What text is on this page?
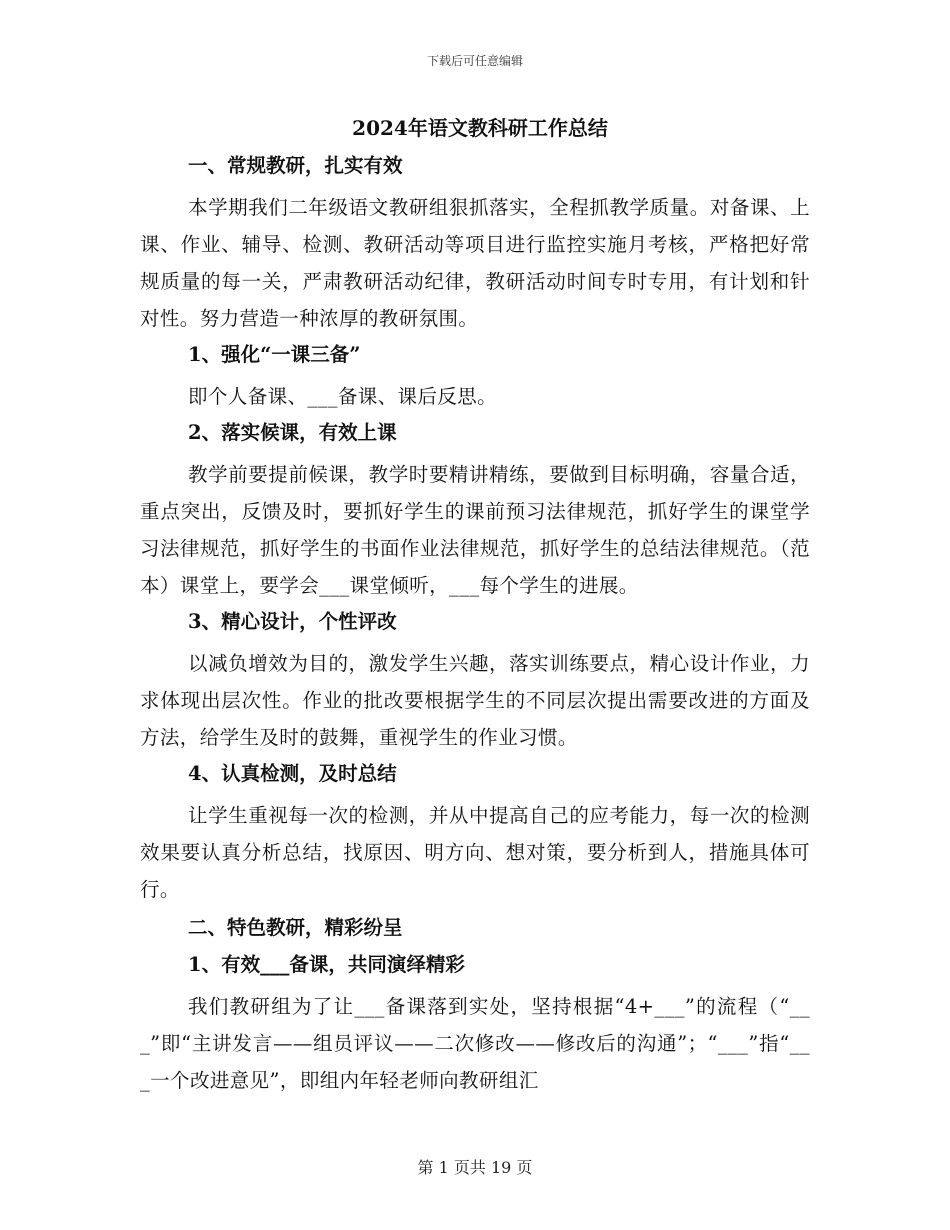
下载后可任意编辑
2024年语文教科研工作总结
一、常规教研，扎实有效
本学期我们二年级语文教研组狠抓落实，全程抓教学质量。对备课、上课、作业、辅导、检测、教研活动等项目进行监控实施月考核，严格把好常规质量的每一关，严肃教研活动纪律，教研活动时间专时专用，有计划和针对性。努力营造一种浓厚的教研氛围。
1、强化“一课三备”
即个人备课、___备课、课后反思。
2、落实候课，有效上课
教学前要提前候课，教学时要精讲精练，要做到目标明确，容量合适，重点突出，反馈及时，要抓好学生的课前预习法律规范，抓好学生的课堂学习法律规范，抓好学生的书面作业法律规范，抓好学生的总结法律规范。（范本）课堂上，要学会___课堂倾听，___每个学生的进展。
3、精心设计，个性评改
以减负增效为目的，激发学生兴趣，落实训练要点，精心设计作业，力求体现出层次性。作业的批改要根据学生的不同层次提出需要改进的方面及方法，给学生及时的鼓舞，重视学生的作业习惯。
4、认真检测，及时总结
让学生重视每一次的检测，并从中提高自己的应考能力，每一次的检测效果要认真分析总结，找原因、明方向、想对策，要分析到人，措施具体可行。
二、特色教研，精彩纷呈
1、有效___备课，共同演绎精彩
我们教研组为了让___备课落到实处，坚持根据“4+___”的流程（“___”即“主讲发言——组员评议——二次修改——修改后的沟通”；“___”指“___一个改进意见”，即组内年轻老师向教研组汇
第 1 页共 19 页
